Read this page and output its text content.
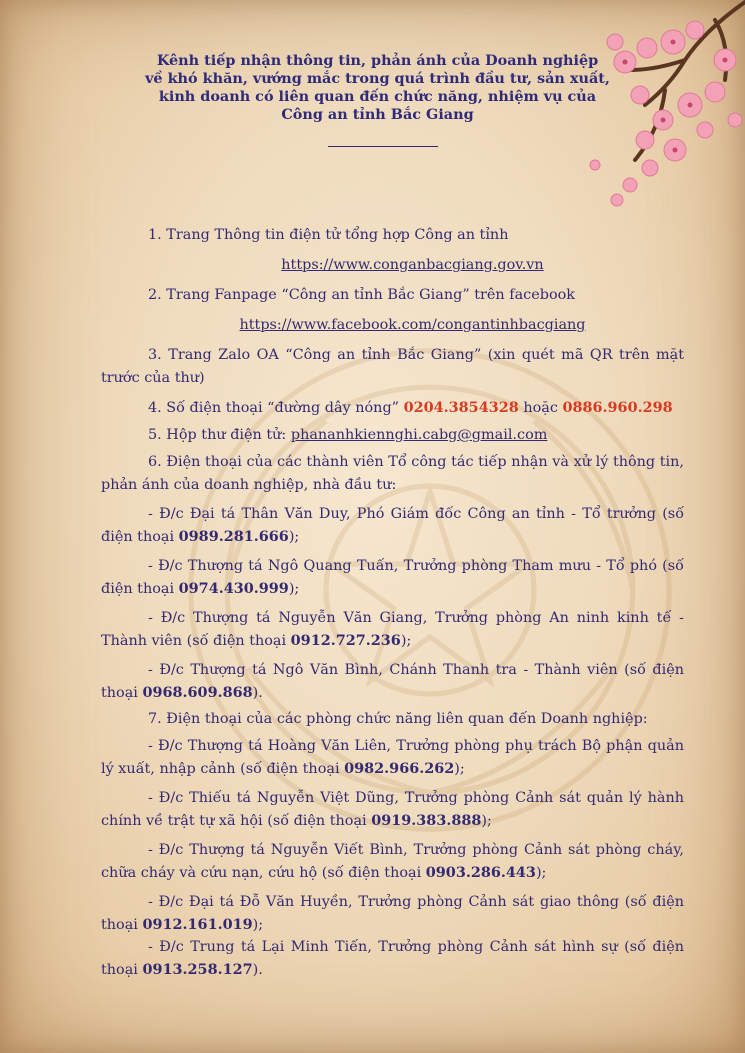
Kênh tiếp nhận thông tin, phản ánh của Doanh nghiệp
về khó khăn, vướng mắc trong quá trình đầu tư, sản xuất,
kinh doanh có liên quan đến chức năng, nhiệm vụ của
Công an tỉnh Bắc Giang
1. Trang Thông tin điện tử tổng hợp Công an tỉnh
https://www.conganbacgiang.gov.vn
2. Trang Fanpage “Công an tỉnh Bắc Giang” trên facebook
https://www.facebook.com/congantinhbacgiang
3. Trang Zalo OA “Công an tỉnh Bắc Giang” (xin quét mã QR trên mặt trước của thư)
4. Số điện thoại “đường dây nóng” 0204.3854328 hoặc 0886.960.298
5. Hộp thư điện tử: phananhkiennghi.cabg@gmail.com
6. Điện thoại của các thành viên Tổ công tác tiếp nhận và xử lý thông tin, phản ánh của doanh nghiệp, nhà đầu tư:
- Đ/c Đại tá Thân Văn Duy, Phó Giám đốc Công an tỉnh - Tổ trưởng (số điện thoại 0989.281.666);
- Đ/c Thượng tá Ngô Quang Tuấn, Trưởng phòng Tham mưu - Tổ phó (số điện thoại 0974.430.999);
- Đ/c Thượng tá Nguyễn Văn Giang, Trưởng phòng An ninh kinh tế - Thành viên (số điện thoại 0912.727.236);
- Đ/c Thượng tá Ngô Văn Bình, Chánh Thanh tra - Thành viên (số điện thoại 0968.609.868).
7. Điện thoại của các phòng chức năng liên quan đến Doanh nghiệp:
- Đ/c Thượng tá Hoàng Văn Liên, Trưởng phòng phụ trách Bộ phận quản lý xuất, nhập cảnh (số điện thoại 0982.966.262);
- Đ/c Thiếu tá Nguyễn Việt Dũng, Trưởng phòng Cảnh sát quản lý hành chính về trật tự xã hội (số điện thoại 0919.383.888);
- Đ/c Thượng tá Nguyễn Viết Bình, Trưởng phòng Cảnh sát phòng cháy, chữa cháy và cứu nạn, cứu hộ (số điện thoại 0903.286.443);
- Đ/c Đại tá Đỗ Văn Huyền, Trưởng phòng Cảnh sát giao thông (số điện thoại 0912.161.019);
- Đ/c Trung tá Lại Minh Tiến, Trưởng phòng Cảnh sát hình sự (số điện thoại 0913.258.127).
